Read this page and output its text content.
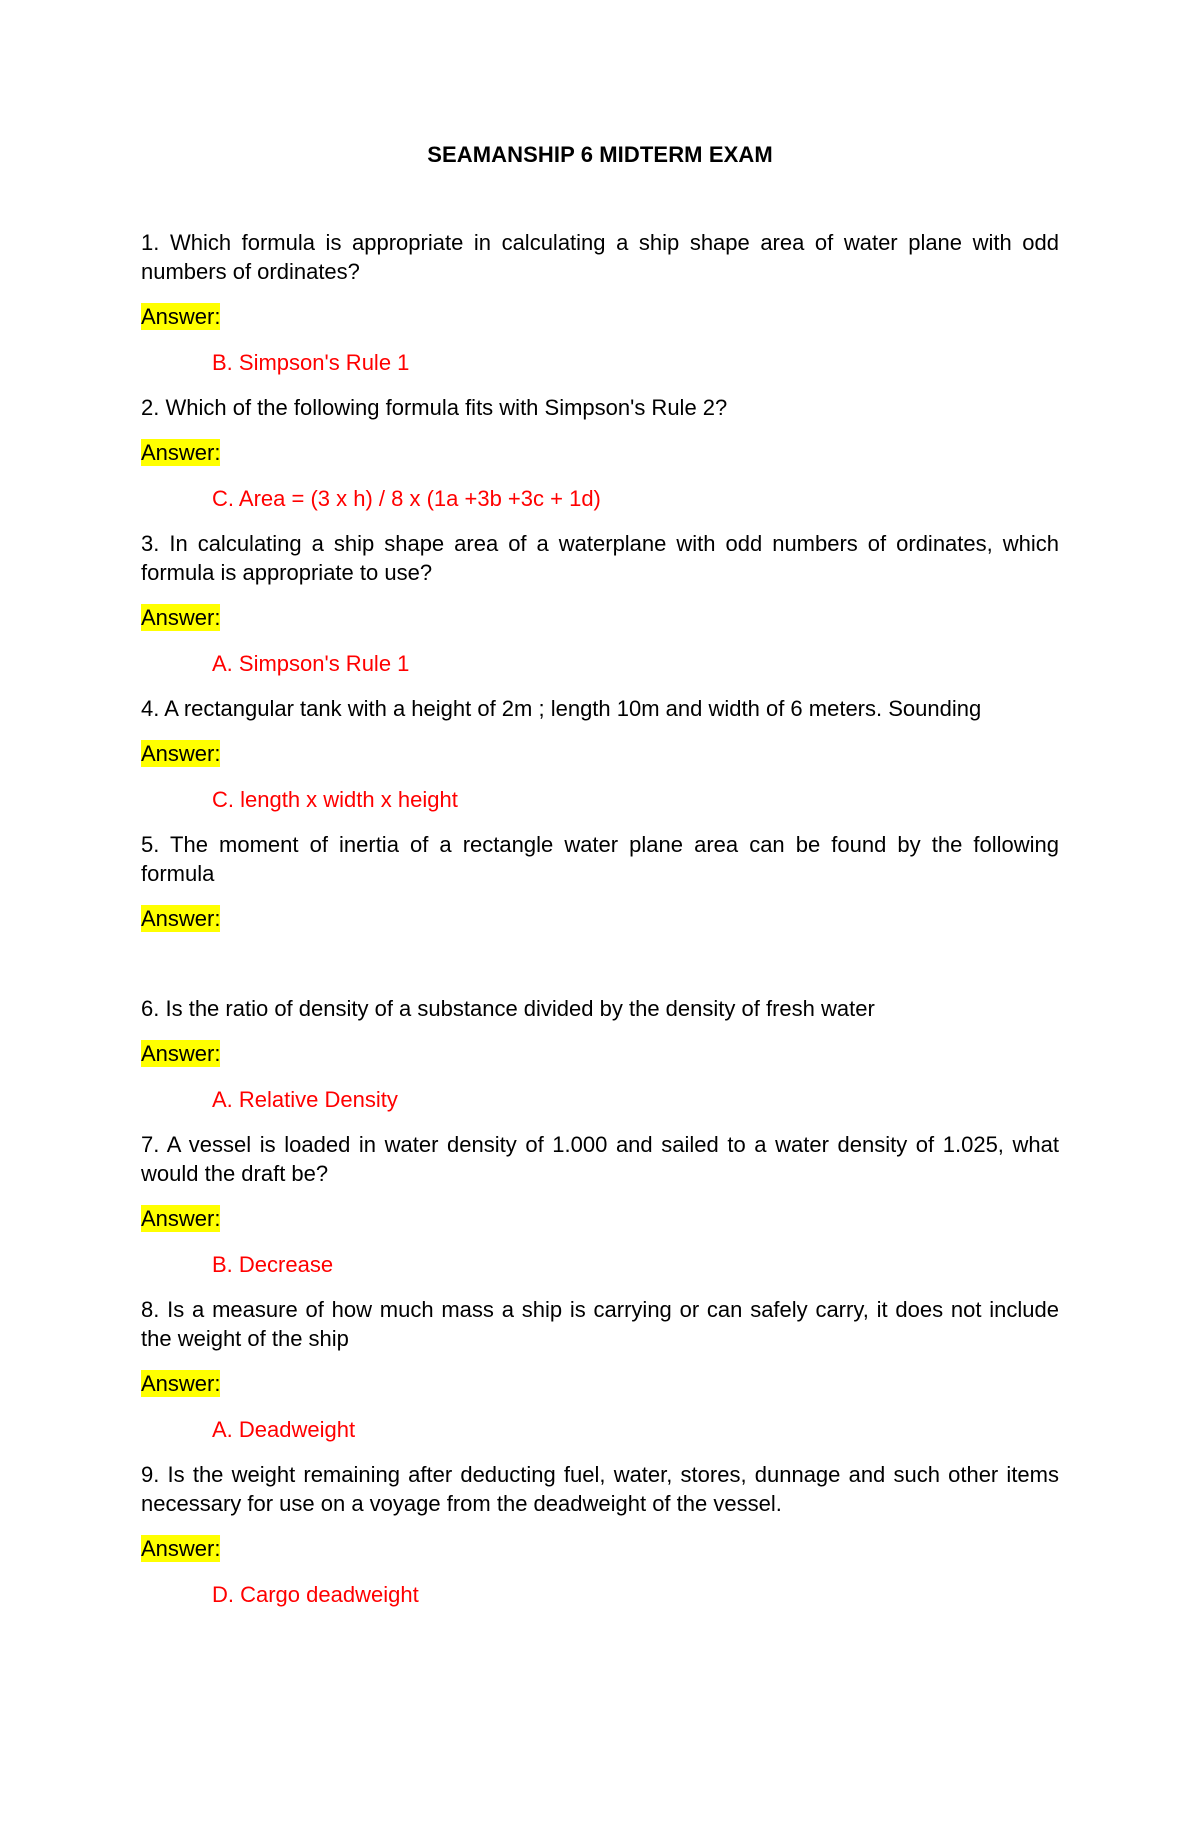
SEAMANSHIP 6 MIDTERM EXAM
1. Which formula is appropriate in calculating a ship shape area of water plane with odd numbers of ordinates?
Answer:
B. Simpson's Rule 1
2. Which of the following formula fits with Simpson's Rule 2?
Answer:
C. Area = (3 x h) / 8 x (1a +3b +3c + 1d)
3. In calculating a ship shape area of a waterplane with odd numbers of ordinates, which formula is appropriate to use?
Answer:
A. Simpson's Rule 1
4. A rectangular tank with a height of 2m ; length 10m and width of 6 meters. Sounding
Answer:
C. length x width x height
5. The moment of inertia of a rectangle water plane area can be found by the following formula
Answer:
6. Is the ratio of density of a substance divided by the density of fresh water
Answer:
A. Relative Density
7. A vessel is loaded in water density of 1.000 and sailed to a water density of 1.025, what would the draft be?
Answer:
B. Decrease
8. Is a measure of how much mass a ship is carrying or can safely carry, it does not include the weight of the ship
Answer:
A. Deadweight
9. Is the weight remaining after deducting fuel, water, stores, dunnage and such other items necessary for use on a voyage from the deadweight of the vessel.
Answer:
D. Cargo deadweight
